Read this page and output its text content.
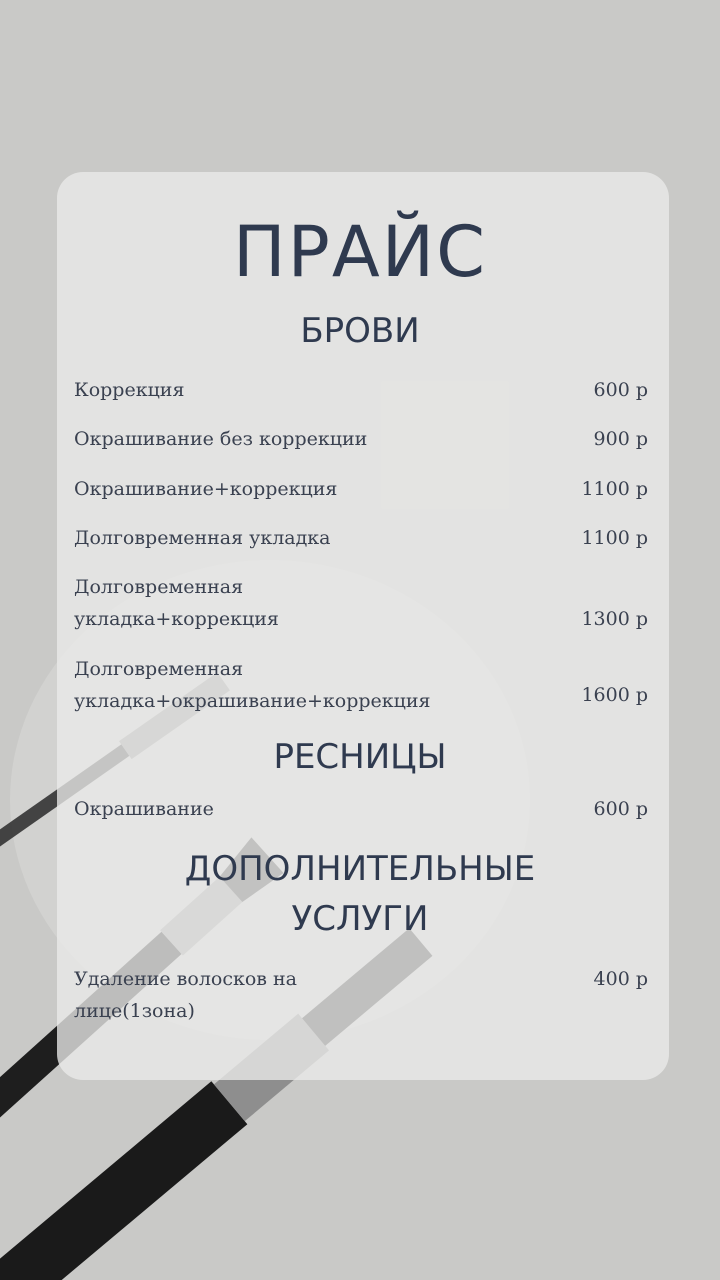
ПРАЙС
БРОВИ
Коррекция	600 р
Окрашивание без коррекции	900 р
Окрашивание+коррекция	1100 р
Долговременная укладка	1100 р
Долговременная
укладка+коррекция	1300 р
Долговременная
укладка+окрашивание+коррекция	1600 р
РЕСНИЦЫ
Окрашивание	600 р
ДОПОЛНИТЕЛЬНЫЕ
УСЛУГИ
Удаление волосков на
лице(1зона)
400 р
